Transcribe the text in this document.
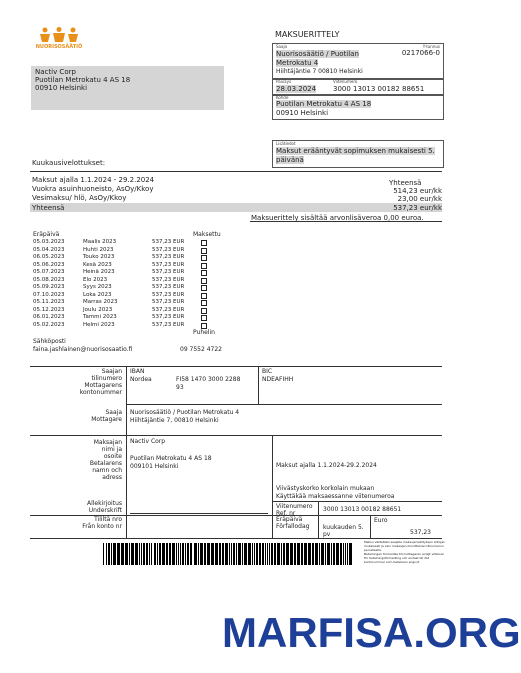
NUORISOSÄÄTIÖ
MAKSUERITTELY
Nactiv Corp
Puotilan Metrokatu 4 AS 18
00910 Helsinki
Saaja	Y-tunnus
0217066-0
Nuorisosäätiö / Puotilan
Metrokatu 4
Hiihtäjäntie 7 00810 Helsinki
Päiväys	Viitenumero
28.03.2024 3000 13013 00182 88651
Kohde
Puotilan Metrokatu 4 AS 18
00910 Helsinki
Lisätiedot
Maksut erääntyvät sopimuksen mukaisesti 5.
päivänä
Kuukausivelottukset:
Maksut ajalla 1.1.2024 - 29.2.2024	Yhteensä
Vuokra asuinhuoneisto, AsOy/Kkoy	514,23 eur/kk
Vesimaksu/ hlö, AsOy/Kkoy	23,00 eur/kk
Yhteensä	537,23 eur/kk
Maksuerittely sisältää arvonlisäveroa 0,00 euroa.
Eräpäivä	Maksettu
05.03.2023	Maalis 2023	537,23 EUR
05.04.2023	Huhti 2023	537,23 EUR
06.05.2023	Touko 2023	537,23 EUR
05.06.2023	Kesä 2023	537,23 EUR
05.07.2023	Heinä 2023	537,23 EUR
05.08.2023	Elo 2023	537,23 EUR
05.09.2023	Syys 2023	537,23 EUR
07.10.2023	Loka 2023	537,23 EUR
05.11.2023	Marras 2023	537,23 EUR
05.12.2023	Joulu 2023	537,23 EUR
06.01.2023	Tammi 2023	537,23 EUR
05.02.2023	Helmi 2023	537,23 EUR
Puhelin
Sähköposti
faina.jashlainen@nuorisosaatio.fi	09 7552 4722
Saajan
tilinumero
Mottagarens
kontonummer
IBAN
Nordea	FI58 1470 3000 2288
93
BIC
NDEAFIHH
Saaja
Mottagare
Nuorisosäätiö / Puotilan Metrokatu 4
Hiihtäjäntie 7, 00810 Helsinki
Maksajan
nimi ja
osoite
Betalarens
namn och
adress
Nactiv Corp
Puotilan Metrokatu 4 AS 18
009101 Helsinki	Maksut ajalla 1.1.2024-29.2.2024
Viivästyskorko korkolain mukaan
Käyttäkää maksaessanne viitenumeroa
Allekirjoitus
Underskrift
Viitenumero
Ref. nr
3000 13013 00182 88651
Tililtä nro
Från konto nr
Eräpäivä
Förfallodag kuukauden 5.
pv
Euro
537,23
Maksu välitetään saajalle maksujenvälityksen ehtojen
mukaisesti ja vain maksajan ilmoittaman tilinumeron
perusteella.
Betalningen förmedlas till mottagaren enligt villkoren
för betalningsförmedling och endast till det
kontonummer som betalaren angivit.
MARFISA.ORG
